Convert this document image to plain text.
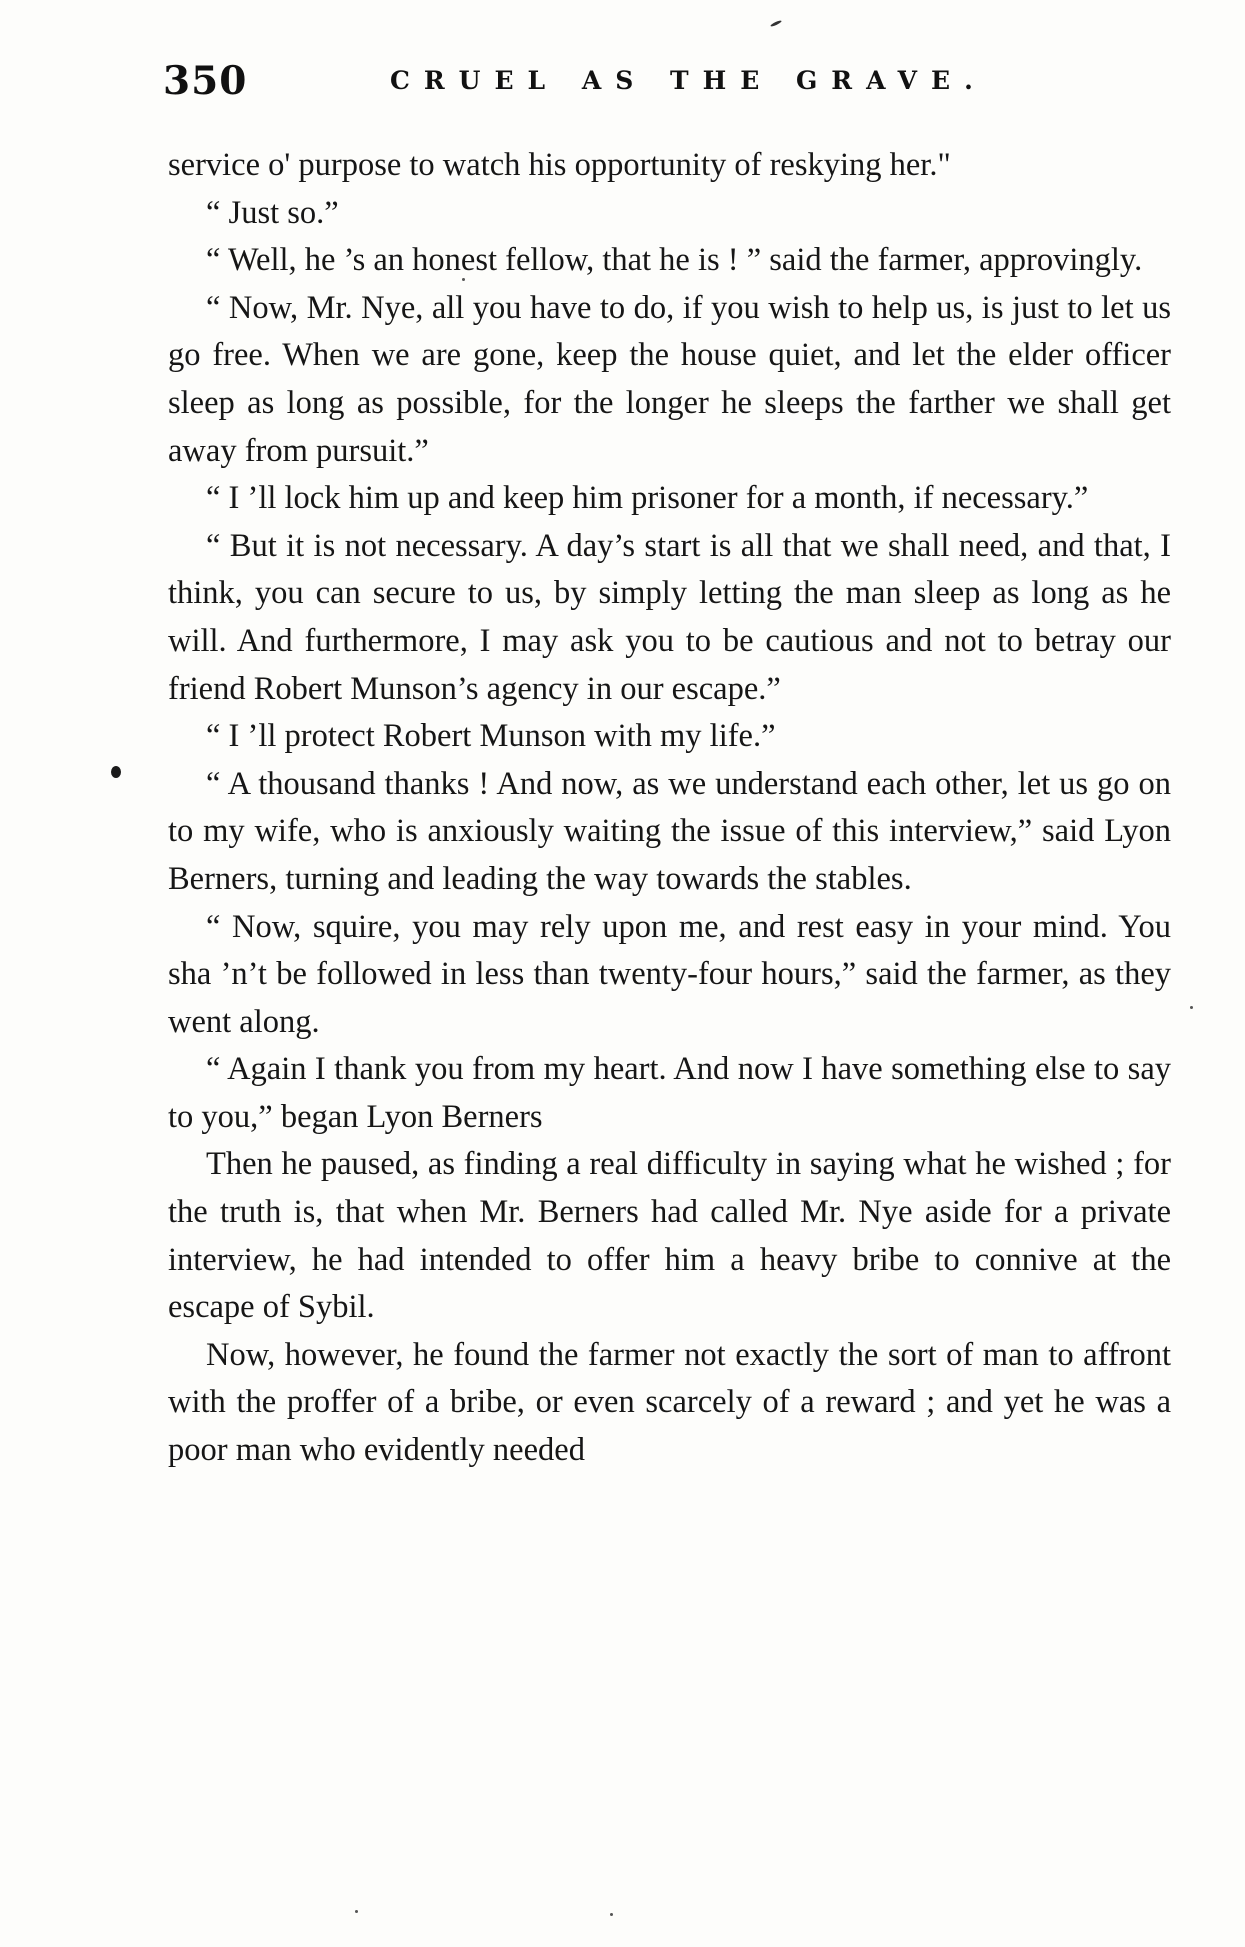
350	CRUEL AS THE GRAVE.

service o' purpose to watch his opportunity of reskying her."

“ Just so.”

“ Well, he ’s an honest fellow, that he is ! ” said the farmer, approvingly.

“ Now, Mr. Nye, all you have to do, if you wish to help us, is just to let us go free. When we are gone, keep the house quiet, and let the elder officer sleep as long as possible, for the longer he sleeps the farther we shall get away from pursuit.”

“ I ’ll lock him up and keep him prisoner for a month, if necessary.”

“ But it is not necessary. A day’s start is all that we shall need, and that, I think, you can secure to us, by simply letting the man sleep as long as he will. And furthermore, I may ask you to be cautious and not to betray our friend Robert Munson’s agency in our escape.”

“ I ’ll protect Robert Munson with my life.”

“ A thousand thanks ! And now, as we understand each other, let us go on to my wife, who is anxiously waiting the issue of this interview,” said Lyon Berners, turning and leading the way towards the stables.

“ Now, squire, you may rely upon me, and rest easy in your mind. You sha ’n’t be followed in less than twenty-four hours,” said the farmer, as they went along.

“ Again I thank you from my heart. And now I have something else to say to you,” began Lyon Berners

Then he paused, as finding a real difficulty in saying what he wished ; for the truth is, that when Mr. Berners had called Mr. Nye aside for a private interview, he had intended to offer him a heavy bribe to connive at the escape of Sybil.

Now, however, he found the farmer not exactly the sort of man to affront with the proffer of a bribe, or even scarcely of a reward ; and yet he was a poor man who evidently needed
